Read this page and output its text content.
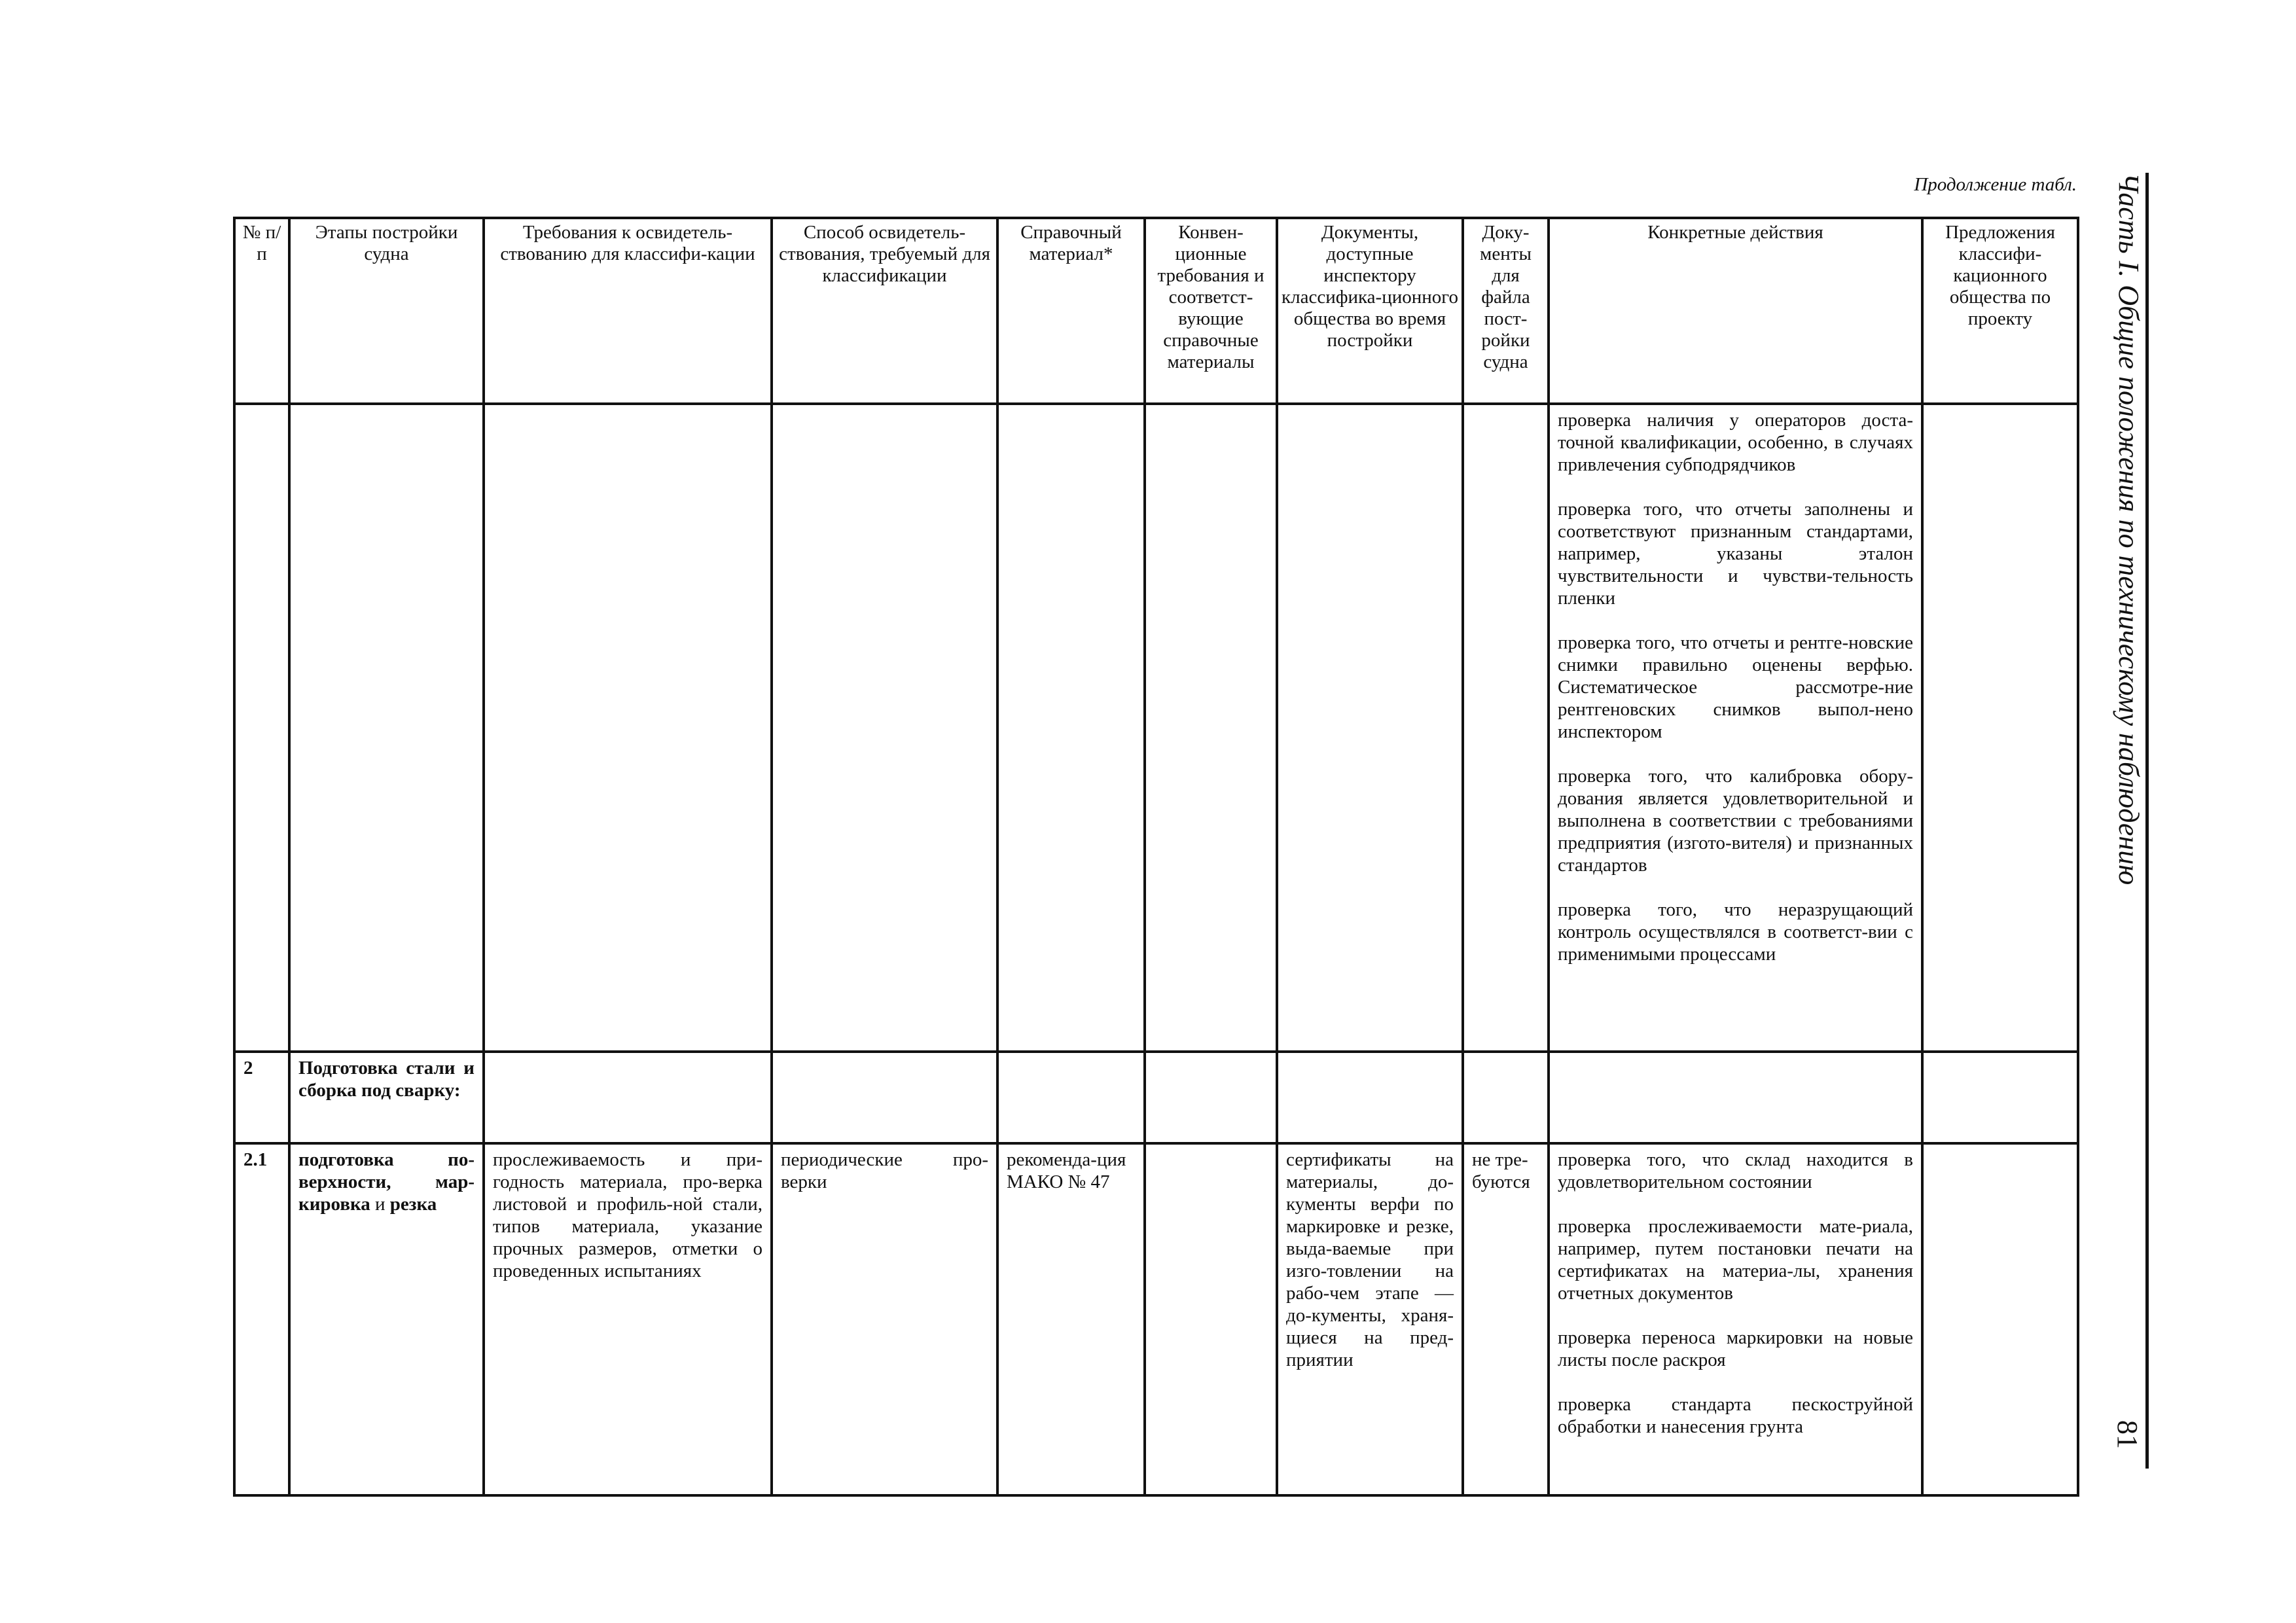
Продолжение табл.
№ п/п	Этапы постройки судна	Требования к освидетель-ствованию для классифи-кации	Способ освидетель-ствования, требуемый для классификации	Справочный материал*	Конвен-ционные требования и соответст-вующие справочные материалы	Документы, доступные инспектору классифика-ционного общества во время постройки	Доку-менты для файла пост-ройки судна	Конкретные действия	Предложения классифи-кационного общества по проекту

								проверка наличия у операторов доста-точной квалификации, особенно, в случаях привлечения субподрядчиков

проверка того, что отчеты заполнены и соответствуют признанным стандартами, например, указаны эталон чувствительности и чувстви-тельность пленки

проверка того, что отчеты и рентге-новские снимки правильно оценены верфью. Систематическое рассмотре-ние рентгеновских снимков выпол-нено инспектором

проверка того, что калибровка обору-дования является удовлетворительной и выполнена в соответствии с требованиями предприятия (изгото-вителя) и признанных стандартов

проверка того, что неразрущающий контроль осуществлялся в соответст-вии с применимыми процессами	

2	Подготовка стали и сборка под сварку:								
2.1	подготовка по-верхности, мар-кировка и резка	прослеживаемость и при-годность материала, про-верка листовой и профиль-ной стали, типов материала, указание прочных размеров, отметки о проведенных испытаниях	периодические про-верки	рекоменда-ция МАКО № 47		сертификаты на материалы, до-кументы верфи по маркировке и резке, выда-ваемые при изго-товлении на рабо-чем этапе — до-кументы, храня-щиеся на пред-приятии	не тре-буются	проверка того, что склад находится в удовлетворительном состоянии

проверка прослеживаемости мате-риала, например, путем постановки печати на сертификатах на материа-лы, хранения отчетных документов

проверка переноса маркировки на новые листы после раскроя

проверка стандарта пескоструйной обработки и нанесения грунта	

Часть I. Общие положения по техническому наблюдению
81
